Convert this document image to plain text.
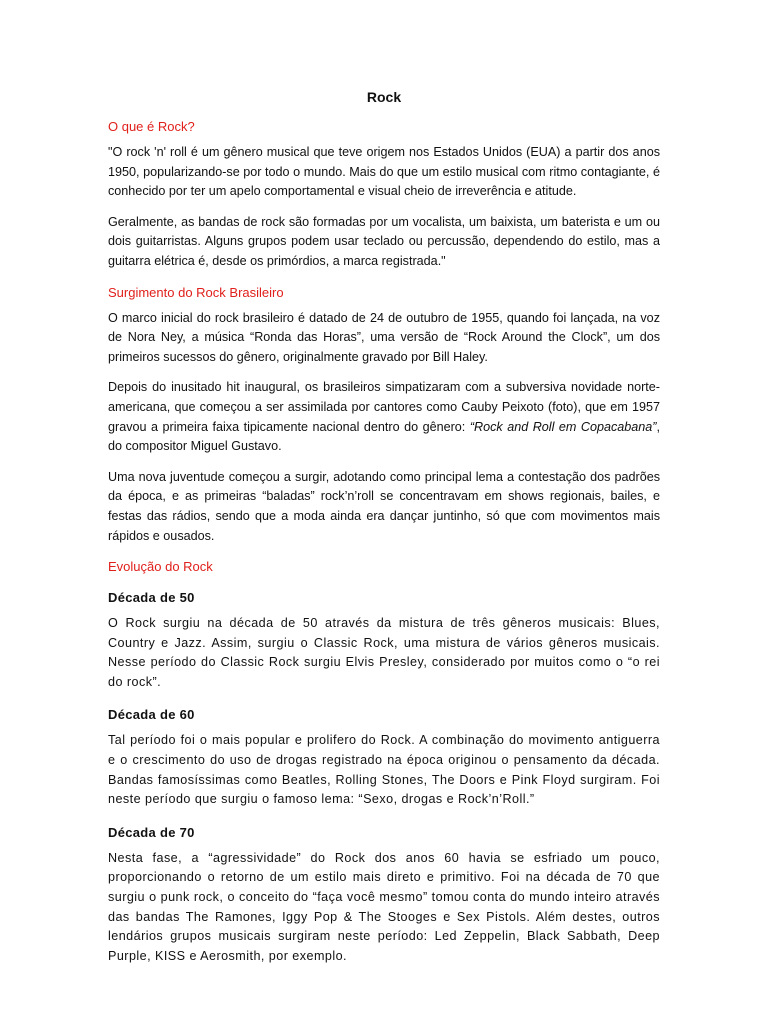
Rock
O que é Rock?

"O rock 'n' roll é um gênero musical que teve origem nos Estados Unidos (EUA) a partir dos anos 1950, popularizando-se por todo o mundo. Mais do que um estilo musical com ritmo contagiante, é conhecido por ter um apelo comportamental e visual cheio de irreverência e atitude.

Geralmente, as bandas de rock são formadas por um vocalista, um baixista, um baterista e um ou dois guitarristas. Alguns grupos podem usar teclado ou percussão, dependendo do estilo, mas a guitarra elétrica é, desde os primórdios, a marca registrada."

Surgimento do Rock Brasileiro

O marco inicial do rock brasileiro é datado de 24 de outubro de 1955, quando foi lançada, na voz de Nora Ney, a música “Ronda das Horas”, uma versão de “Rock Around the Clock”, um dos primeiros sucessos do gênero, originalmente gravado por Bill Haley.

Depois do inusitado hit inaugural, os brasileiros simpatizaram com a subversiva novidade norte-americana, que começou a ser assimilada por cantores como Cauby Peixoto (foto), que em 1957 gravou a primeira faixa tipicamente nacional dentro do gênero: “Rock and Roll em Copacabana”, do compositor Miguel Gustavo.

Uma nova juventude começou a surgir, adotando como principal lema a contestação dos padrões da época, e as primeiras “baladas” rock’n’roll se concentravam em shows regionais, bailes, e festas das rádios, sendo que a moda ainda era dançar juntinho, só que com movimentos mais rápidos e ousados.

Evolução do Rock
Década de 50

O Rock surgiu na década de 50 através da mistura de três gêneros musicais: Blues, Country e Jazz. Assim, surgiu o Classic Rock, uma mistura de vários gêneros musicais. Nesse período do Classic Rock surgiu Elvis Presley, considerado por muitos como o “o rei do rock”.

Década de 60

Tal período foi o mais popular e prolifero do Rock. A combinação do movimento antiguerra e o crescimento do uso de drogas registrado na época originou o pensamento da década. Bandas famosíssimas como Beatles, Rolling Stones, The Doors e Pink Floyd surgiram. Foi neste período que surgiu o famoso lema: “Sexo, drogas e Rock’n’Roll.”

Década de 70

Nesta fase, a “agressividade” do Rock dos anos 60 havia se esfriado um pouco, proporcionando o retorno de um estilo mais direto e primitivo. Foi na década de 70 que surgiu o punk rock, o conceito do “faça você mesmo” tomou conta do mundo inteiro através das bandas The Ramones, Iggy Pop & The Stooges e Sex Pistols. Além destes, outros lendários grupos musicais surgiram neste período: Led Zeppelin, Black Sabbath, Deep Purple, KISS e Aerosmith, por exemplo.
